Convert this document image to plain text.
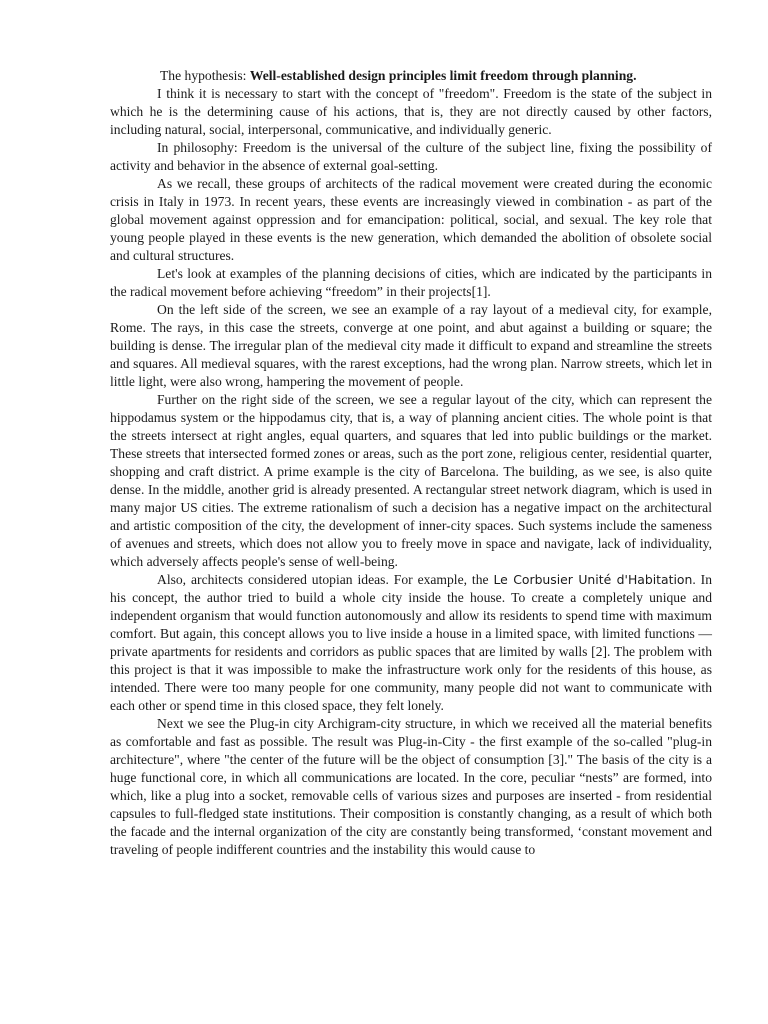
The hypothesis: Well-established design principles limit freedom through planning.

I think it is necessary to start with the concept of "freedom". Freedom is the state of the subject in which he is the determining cause of his actions, that is, they are not directly caused by other factors, including natural, social, interpersonal, communicative, and individually generic.

In philosophy: Freedom is the universal of the culture of the subject line, fixing the possibility of activity and behavior in the absence of external goal-setting.

As we recall, these groups of architects of the radical movement were created during the economic crisis in Italy in 1973. In recent years, these events are increasingly viewed in combination - as part of the global movement against oppression and for emancipation: political, social, and sexual. The key role that young people played in these events is the new generation, which demanded the abolition of obsolete social and cultural structures.

Let's look at examples of the planning decisions of cities, which are indicated by the participants in the radical movement before achieving “freedom” in their projects[1].

On the left side of the screen, we see an example of a ray layout of a medieval city, for example, Rome. The rays, in this case the streets, converge at one point, and abut against a building or square; the building is dense. The irregular plan of the medieval city made it difficult to expand and streamline the streets and squares. All medieval squares, with the rarest exceptions, had the wrong plan. Narrow streets, which let in little light, were also wrong, hampering the movement of people.

Further on the right side of the screen, we see a regular layout of the city, which can represent the hippodamus system or the hippodamus city, that is, a way of planning ancient cities. The whole point is that the streets intersect at right angles, equal quarters, and squares that led into public buildings or the market. These streets that intersected formed zones or areas, such as the port zone, religious center, residential quarter, shopping and craft district. A prime example is the city of Barcelona. The building, as we see, is also quite dense. In the middle, another grid is already presented. A rectangular street network diagram, which is used in many major US cities. The extreme rationalism of such a decision has a negative impact on the architectural and artistic composition of the city, the development of inner-city spaces. Such systems include the sameness of avenues and streets, which does not allow you to freely move in space and navigate, lack of individuality, which adversely affects people's sense of well-being.

Also, architects considered utopian ideas. For example, the Le Corbusier Unité d'Habitation. In his concept, the author tried to build a whole city inside the house. To create a completely unique and independent organism that would function autonomously and allow its residents to spend time with maximum comfort. But again, this concept allows you to live inside a house in a limited space, with limited functions — private apartments for residents and corridors as public spaces that are limited by walls [2]. The problem with this project is that it was impossible to make the infrastructure work only for the residents of this house, as intended. There were too many people for one community, many people did not want to communicate with each other or spend time in this closed space, they felt lonely.

Next we see the Plug-in city Archigram-city structure, in which we received all the material benefits as comfortable and fast as possible. The result was Plug-in-City - the first example of the so-called "plug-in architecture", where "the center of the future will be the object of consumption [3]." The basis of the city is a huge functional core, in which all communications are located. In the core, peculiar “nests” are formed, into which, like a plug into a socket, removable cells of various sizes and purposes are inserted - from residential capsules to full-fledged state institutions. Their composition is constantly changing, as a result of which both the facade and the internal organization of the city are constantly being transformed, ‘constant movement and traveling of people indifferent countries and the instability this would cause to
